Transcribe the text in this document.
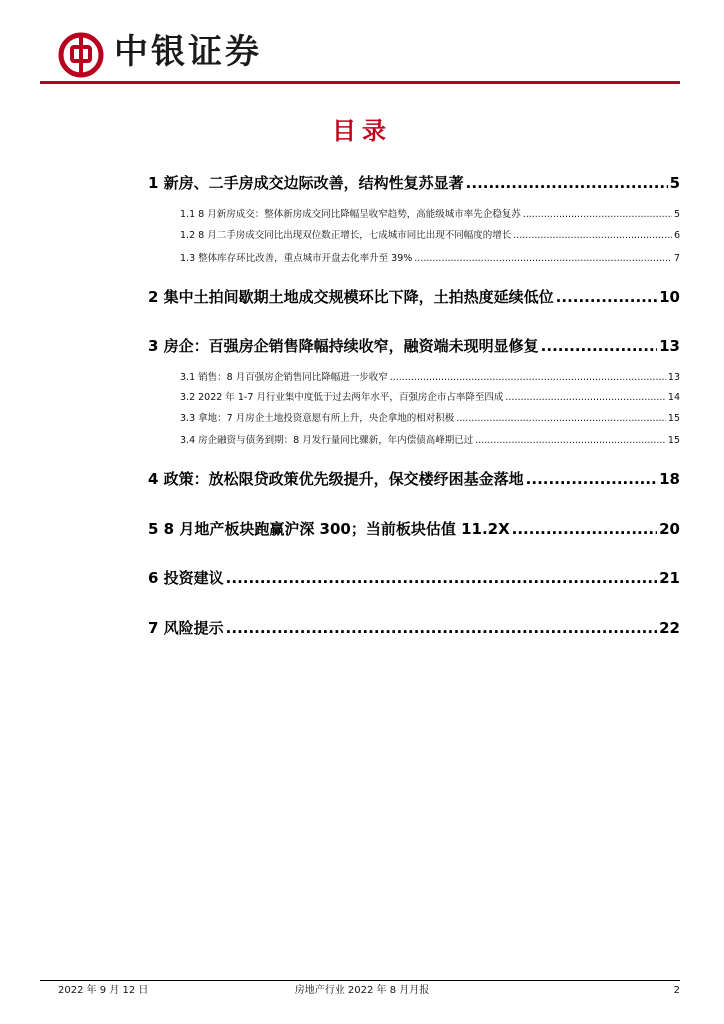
中银证券
目录
1 新房、二手房成交边际改善，结构性复苏显著 .....	5
1.1 8 月新房成交：整体新房成交同比降幅呈收窄趋势，高能级城市率先企稳复苏 .....	5
1.2 8 月二手房成交同比出现双位数正增长，七成城市同比出现不同幅度的增长 .....	6
1.3 整体库存环比改善，重点城市开盘去化率升至 39% .....	7
2 集中土拍间歇期土地成交规模环比下降，土拍热度延续低位 .....	10
3 房企：百强房企销售降幅持续收窄，融资端未现明显修复 .....	13
3.1 销售：8 月百强房企销售同比降幅进一步收窄 .....	13
3.2 2022 年 1-7 月行业集中度低于过去两年水平，百强房企市占率降至四成 .....	14
3.3 拿地：7 月房企土地投资意愿有所上升，央企拿地的相对积极 .....	15
3.4 房企融资与债务到期：8 月发行量同比骤新，年内偿债高峰期已过 .....	15
4 政策：放松限贷政策优先级提升，保交楼纾困基金落地 .....	18
5 8 月地产板块跑赢沪深 300；当前板块估值 11.2X .....	20
6 投资建议 .....	21
7 风险提示 .....	22
2022 年 9 月 12 日	房地产行业 2022 年 8 月月报	2
